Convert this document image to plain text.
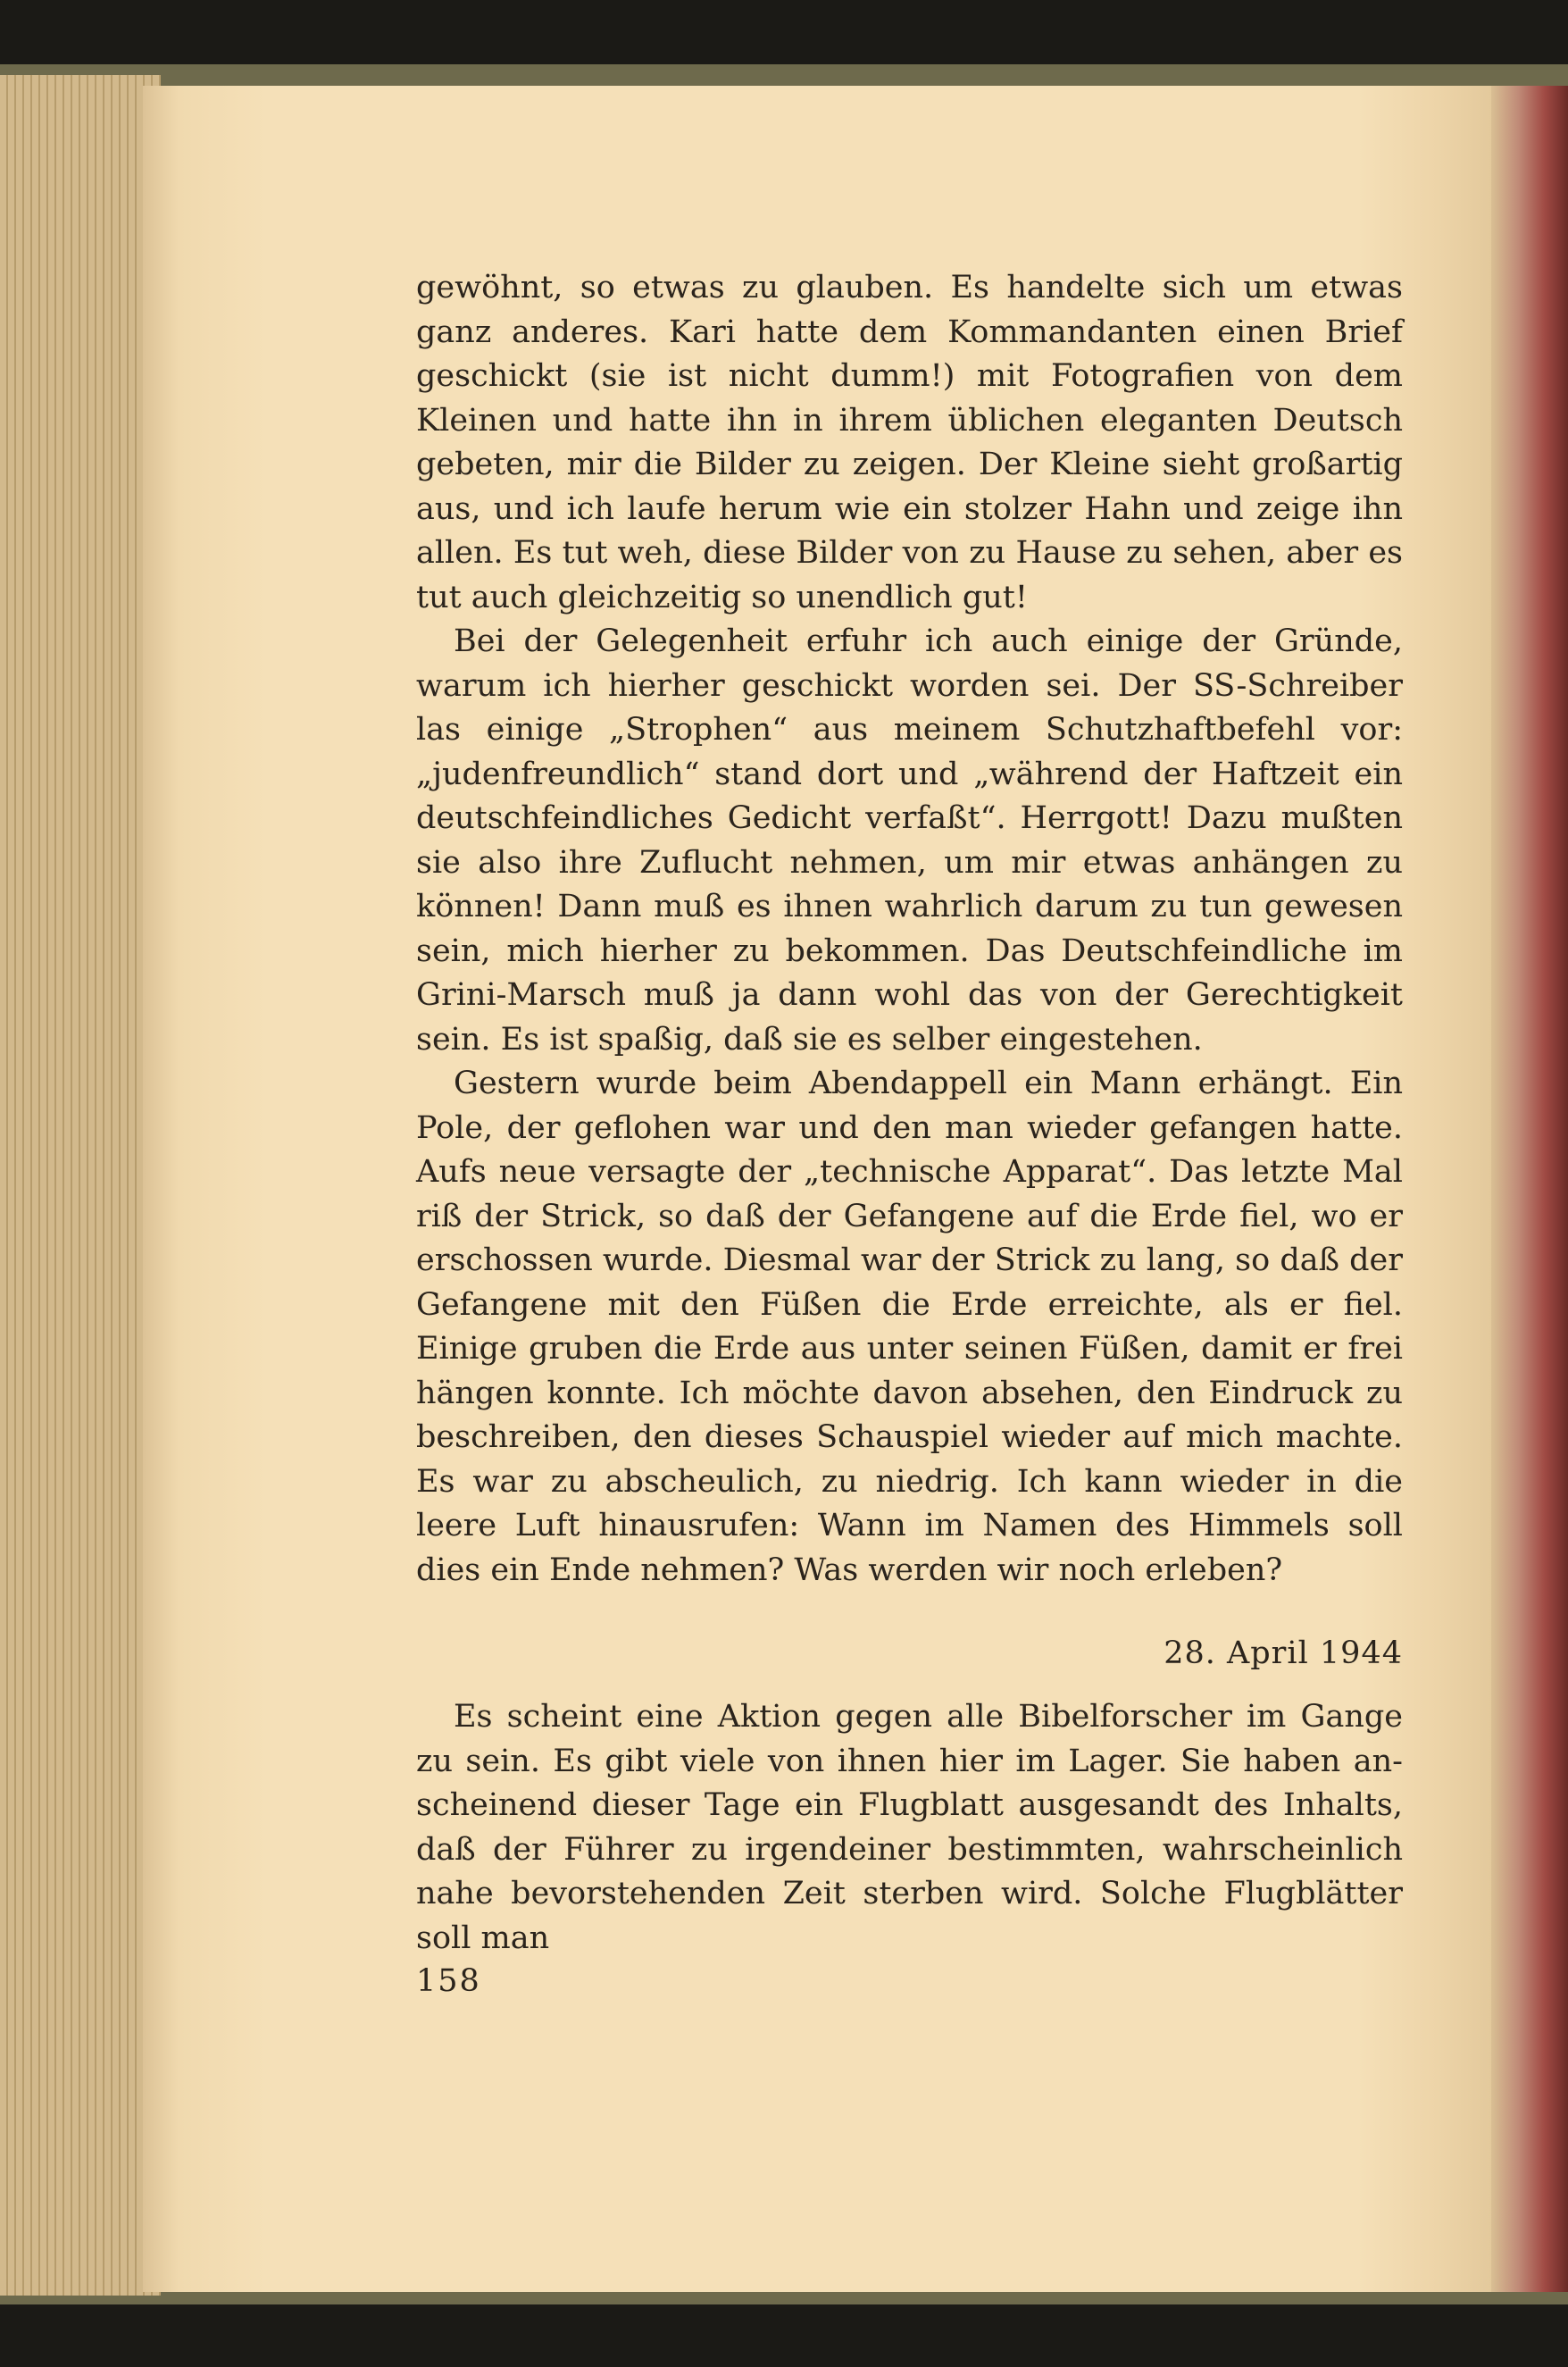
gewöhnt, so etwas zu glauben. Es handelte sich um etwas ganz anderes. Kari hatte dem Kommandanten einen Brief geschickt (sie ist nicht dumm!) mit Fotografien von dem Kleinen und hatte ihn in ihrem üblichen eleganten Deutsch gebeten, mir die Bilder zu zeigen. Der Kleine sieht großartig aus, und ich laufe herum wie ein stolzer Hahn und zeige ihn allen. Es tut weh, diese Bilder von zu Hause zu sehen, aber es tut auch gleichzeitig so unendlich gut!

Bei der Gelegenheit erfuhr ich auch einige der Gründe, warum ich hierher geschickt worden sei. Der SS-Schreiber las einige „Strophen“ aus meinem Schutzhaftbefehl vor: „judenfreundlich“ stand dort und „während der Haftzeit ein deutschfeindliches Gedicht verfaßt“. Herrgott! Dazu mußten sie also ihre Zuflucht nehmen, um mir etwas anhängen zu können! Dann muß es ihnen wahrlich darum zu tun gewesen sein, mich hierher zu bekommen. Das Deutschfeindliche im Grini-Marsch muß ja dann wohl das von der Gerechtigkeit sein. Es ist spaßig, daß sie es selber eingestehen.

Gestern wurde beim Abendappell ein Mann erhängt. Ein Pole, der geflohen war und den man wieder gefangen hatte. Aufs neue versagte der „technische Apparat“. Das letzte Mal riß der Strick, so daß der Gefangene auf die Erde fiel, wo er erschossen wurde. Diesmal war der Strick zu lang, so daß der Gefangene mit den Füßen die Erde erreichte, als er fiel. Einige gruben die Erde aus unter seinen Füßen, damit er frei hängen konnte. Ich möchte davon absehen, den Eindruck zu beschreiben, den dieses Schauspiel wieder auf mich machte. Es war zu abscheulich, zu niedrig. Ich kann wieder in die leere Luft hinausrufen: Wann im Namen des Himmels soll dies ein Ende nehmen? Was werden wir noch erleben?

28. April 1944

Es scheint eine Aktion gegen alle Bibelforscher im Gange zu sein. Es gibt viele von ihnen hier im Lager. Sie haben anscheinend dieser Tage ein Flugblatt ausgesandt des Inhalts, daß der Führer zu irgendeiner bestimmten, wahrscheinlich nahe bevorstehenden Zeit sterben wird. Solche Flugblätter soll man

158
